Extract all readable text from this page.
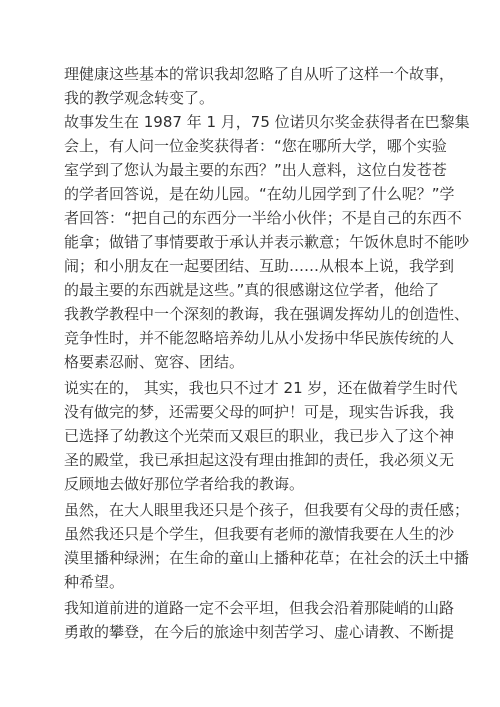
理健康这些基本的常识我却忽略了自从听了这样一个故事，
我的教学观念转变了。
故事发生在 1987 年 1 月，75 位诺贝尔奖金获得者在巴黎集
会上，有人问一位金奖获得者：“您在哪所大学，哪个实验
室学到了您认为最主要的东西？”出人意料，这位白发苍苍
的学者回答说，是在幼儿园。“在幼儿园学到了什么呢？”学
者回答：“把自己的东西分一半给小伙伴；不是自己的东西不
能拿；做错了事情要敢于承认并表示歉意；午饭休息时不能吵
闹；和小朋友在一起要团结、互助……从根本上说，我学到
的最主要的东西就是这些。”真的很感谢这位学者，他给了
我教学教程中一个深刻的教诲，我在强调发挥幼儿的创造性、
竞争性时，并不能忽略培养幼儿从小发扬中华民族传统的人
格要素忍耐、宽容、团结。
说实在的， 其实，我也只不过才 21 岁，还在做着学生时代
没有做完的梦，还需要父母的呵护！可是，现实告诉我，我
已选择了幼教这个光荣而又艰巨的职业，我已步入了这个神
圣的殿堂，我已承担起这没有理由推卸的责任，我必须义无
反顾地去做好那位学者给我的教诲。
虽然，在大人眼里我还只是个孩子，但我要有父母的责任感；
虽然我还只是个学生，但我要有老师的激情我要在人生的沙
漠里播种绿洲；在生命的童山上播种花草；在社会的沃土中播
种希望。
我知道前进的道路一定不会平坦，但我会沿着那陡峭的山路
勇敢的攀登，在今后的旅途中刻苦学习、虚心请教、不断提
